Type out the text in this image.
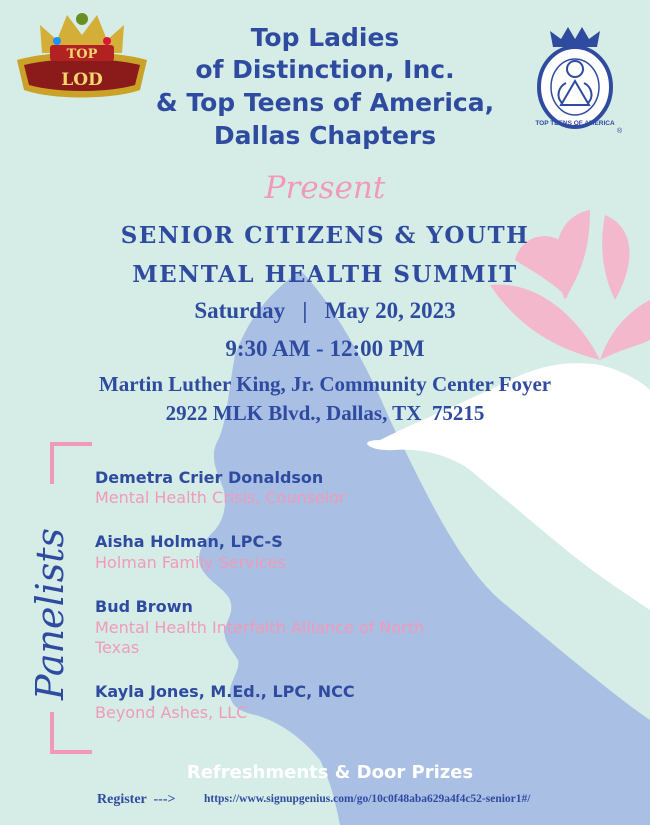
TOP
LOD
TOP TEENS OF AMERICA
®
Top Ladies
of Distinction, Inc.
& Top Teens of America,
Dallas Chapters
Present
SENIOR CITIZENS & YOUTH
MENTAL HEALTH SUMMIT
Saturday   |   May 20, 2023
9:30 AM - 12:00 PM
Martin Luther King, Jr. Community Center Foyer
2922 MLK Blvd., Dallas, TX  75215
Panelists
Demetra Crier Donaldson
Mental Health Crisis, Counselor
Aisha Holman, LPC-S
Holman Family Services
Bud Brown
Mental Health Interfaith Alliance of North Texas
Kayla Jones, M.Ed., LPC, NCC
Beyond Ashes, LLC
Refreshments & Door Prizes
Register  ---> https://www.signupgenius.com/go/10c0f48aba629a4f4c52-senior1#/
